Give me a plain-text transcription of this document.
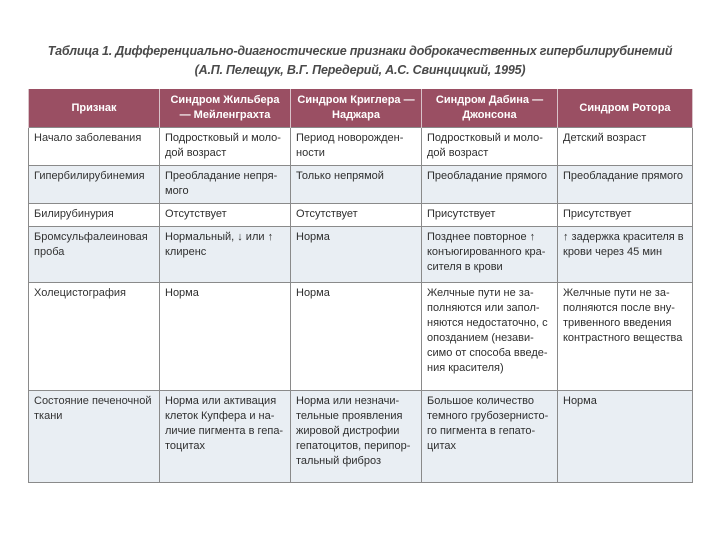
Таблица 1. Дифференциально-диагностические признаки доброкачественных гипербилирубинемий
(А.П. Пелещук, В.Г. Передерий, А.С. Свинцицкий, 1995)
Признак	Синдром Жильбера — Мейленграхта	Синдром Криглера — Наджара	Синдром Дабина — Джонсона	Синдром Ротора
Начало заболевания	Подростковый и моло-дой возраст	Период новорожден-ности	Подростковый и моло-дой возраст	Детский возраст
Гипербилирубинемия	Преобладание непря-мого	Только непрямой	Преобладание прямого	Преобладание прямого
Билирубинурия	Отсутствует	Отсутствует	Присутствует	Присутствует
Бромсульфалеиновая проба	Нормальный, ↓ или ↑ клиренс	Норма	Позднее повторное ↑ конъюгированного кра-сителя в крови	↑ задержка красителя в крови через 45 мин
Холецистография	Норма	Норма	Желчные пути не за-полняются или запол-няются недостаточно, с опозданием (незави-симо от способа введе-ния красителя)	Желчные пути не за-полняются после вну-тривенного введения контрастного вещества
Состояние печеночной ткани	Норма или активация клеток Купфера и на-личие пигмента в гепа-тоцитах	Норма или незначи-тельные проявления жировой дистрофии гепатоцитов, перипор-тальный фиброз	Большое количество темного грубозернисто-го пигмента в гепато-цитах	Норма
